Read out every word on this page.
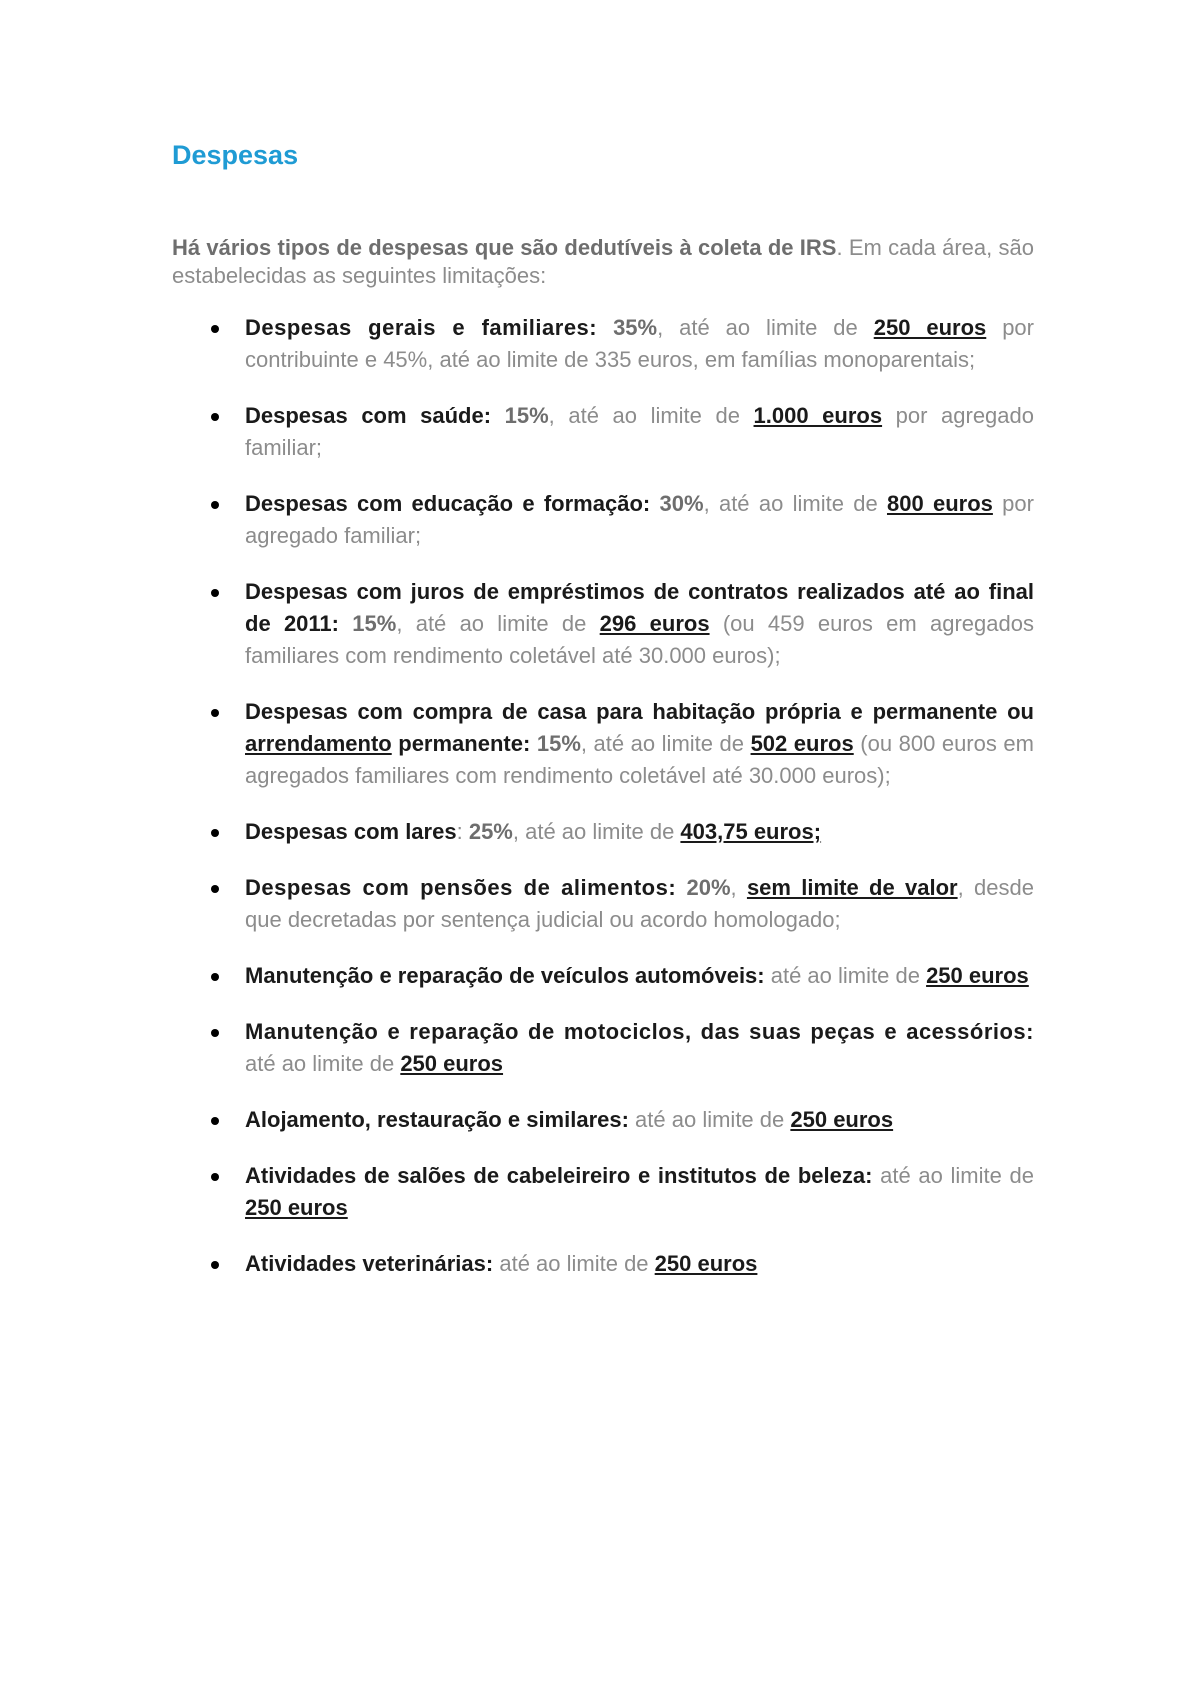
Despesas

Há vários tipos de despesas que são dedutíveis à coleta de IRS. Em cada área, são estabelecidas as seguintes limitações:

Despesas gerais e familiares: 35%, até ao limite de 250 euros por contribuinte e 45%, até ao limite de 335 euros, em famílias monoparentais;
Despesas com saúde: 15%, até ao limite de 1.000 euros por agregado familiar;
Despesas com educação e formação: 30%, até ao limite de 800 euros por agregado familiar;
Despesas com juros de empréstimos de contratos realizados até ao final de 2011: 15%, até ao limite de 296 euros (ou 459 euros em agregados familiares com rendimento coletável até 30.000 euros);
Despesas com compra de casa para habitação própria e permanente ou arrendamento permanente: 15%, até ao limite de 502 euros (ou 800 euros em agregados familiares com rendimento coletável até 30.000 euros);
Despesas com lares: 25%, até ao limite de 403,75 euros;
Despesas com pensões de alimentos: 20%, sem limite de valor, desde que decretadas por sentença judicial ou acordo homologado;
Manutenção e reparação de veículos automóveis: até ao limite de 250 euros
Manutenção e reparação de motociclos, das suas peças e acessórios: até ao limite de 250 euros
Alojamento, restauração e similares: até ao limite de 250 euros
Atividades de salões de cabeleireiro e institutos de beleza: até ao limite de 250 euros
Atividades veterinárias: até ao limite de 250 euros
